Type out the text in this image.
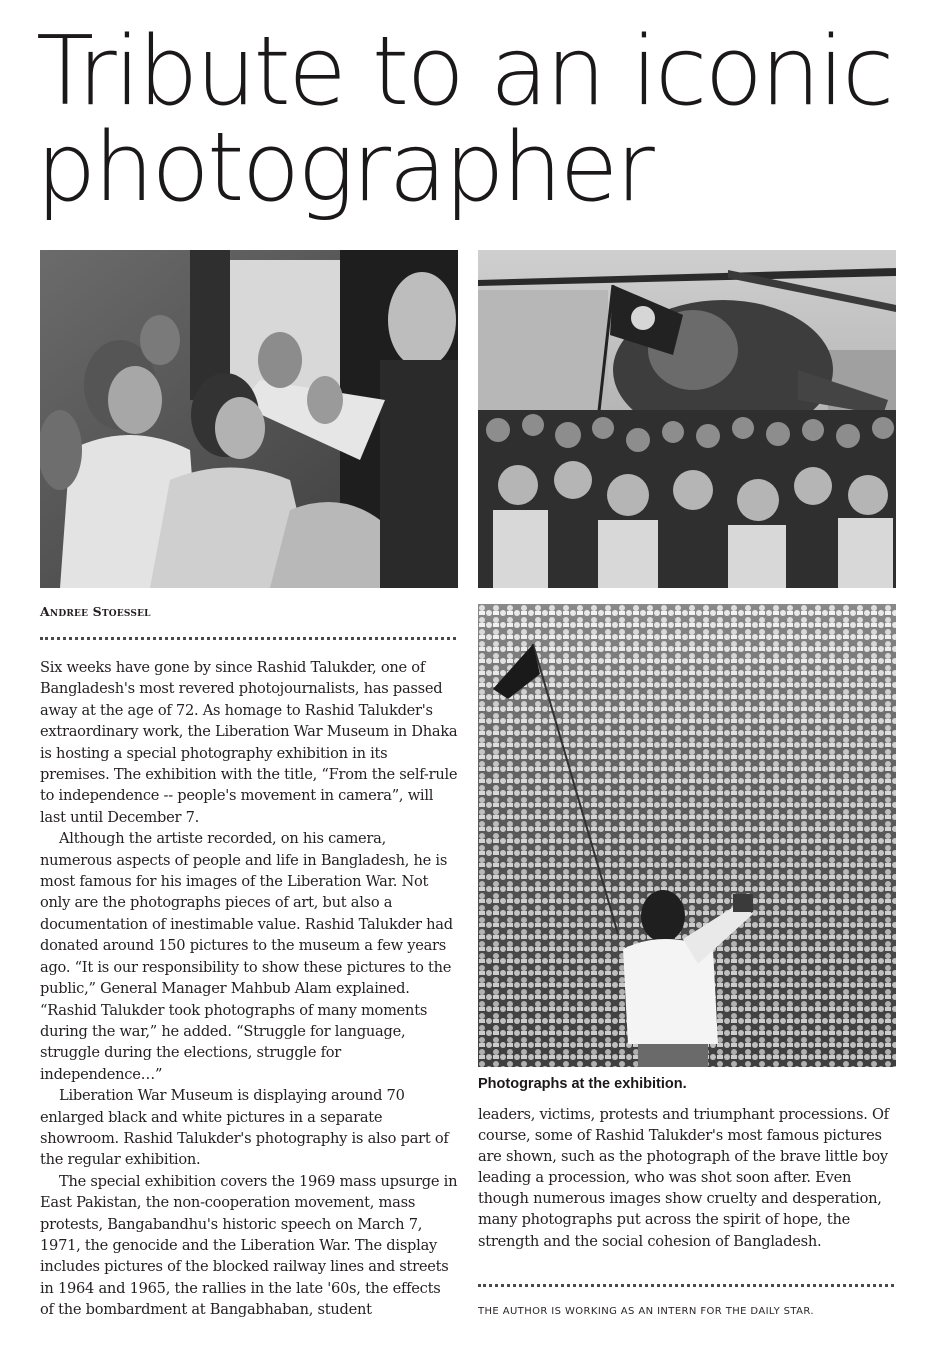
Tribute to an iconic
photographer
Andree Stoessel

Six weeks have gone by since Rashid Talukder, one of Bangladesh's most revered photojournalists, has passed away at the age of 72. As homage to Rashid Talukder's extraordinary work, the Liberation War Museum in Dhaka is hosting a special photography exhibition in its premises. The exhibition with the title, “From the self-rule to independence -- people's movement in camera”, will last until December 7.

Although the artiste recorded, on his camera, numerous aspects of people and life in Bangladesh, he is most famous for his images of the Liberation War. Not only are the photographs pieces of art, but also a documentation of inestimable value. Rashid Talukder had donated around 150 pictures to the museum a few years ago. “It is our responsibility to show these pictures to the public,” General Manager Mahbub Alam explained. “Rashid Talukder took photographs of many moments during the war,” he added. “Struggle for language, struggle during the elections, struggle for independence…”

Liberation War Museum is displaying around 70 enlarged black and white pictures in a separate showroom. Rashid Talukder's photography is also part of the regular exhibition.

The special exhibition covers the 1969 mass upsurge in East Pakistan, the non-cooperation movement, mass protests, Bangabandhu's historic speech on March 7, 1971, the genocide and the Liberation War. The display includes pictures of the blocked railway lines and streets in 1964 and 1965, the rallies in the late '60s, the effects of the bombardment at Bangabhaban, student

Photographs at the exhibition.

leaders, victims, protests and triumphant processions. Of course, some of Rashid Talukder's most famous pictures are shown, such as the photograph of the brave little boy leading a procession, who was shot soon after. Even though numerous images show cruelty and desperation, many photographs put across the spirit of hope, the strength and the social cohesion of Bangladesh.

THE AUTHOR IS WORKING AS AN INTERN FOR THE DAILY STAR.
